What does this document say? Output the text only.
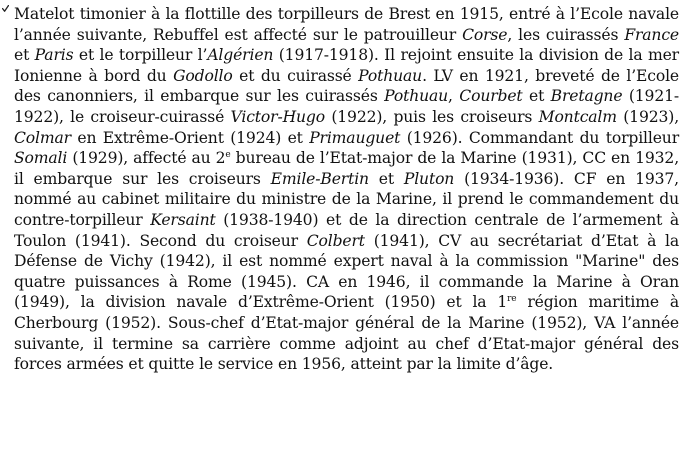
Matelot timonier à la flottille des torpilleurs de Brest en 1915, entré à l’Ecole navale l’année suivante, Rebuffel est affecté sur le patrouilleur Corse, les cuirassés France et Paris et le torpilleur l’Algérien (1917-1918). Il rejoint ensuite la division de la mer Ionienne à bord du Godollo et du cuirassé Pothuau. LV en 1921, breveté de l’Ecole des canonniers, il embarque sur les cuirassés Pothuau, Courbet et Bretagne (1921-1922), le croiseur-cuirassé Victor-Hugo (1922), puis les croiseurs Montcalm (1923), Colmar en Extrême-Orient (1924) et Primauguet (1926). Commandant du torpilleur Somali (1929), affecté au 2e bureau de l’Etat-major de la Marine (1931), CC en 1932, il embarque sur les croiseurs Emile-Bertin et Pluton (1934-1936). CF en 1937, nommé au cabinet militaire du ministre de la Marine, il prend le commandement du contre-torpilleur Kersaint (1938-1940) et de la direction centrale de l’armement à Toulon (1941). Second du croiseur Colbert (1941), CV au secrétariat d’Etat à la Défense de Vichy (1942), il est nommé expert naval à la commission "Marine" des quatre puissances à Rome (1945). CA en 1946, il commande la Marine à Oran (1949), la division navale d’Extrême-Orient (1950) et la 1re région maritime à Cherbourg (1952). Sous-chef d’Etat-major général de la Marine (1952), VA l’année suivante, il termine sa carrière comme adjoint au chef d’Etat-major général des forces armées et quitte le service en 1956, atteint par la limite d’âge.
